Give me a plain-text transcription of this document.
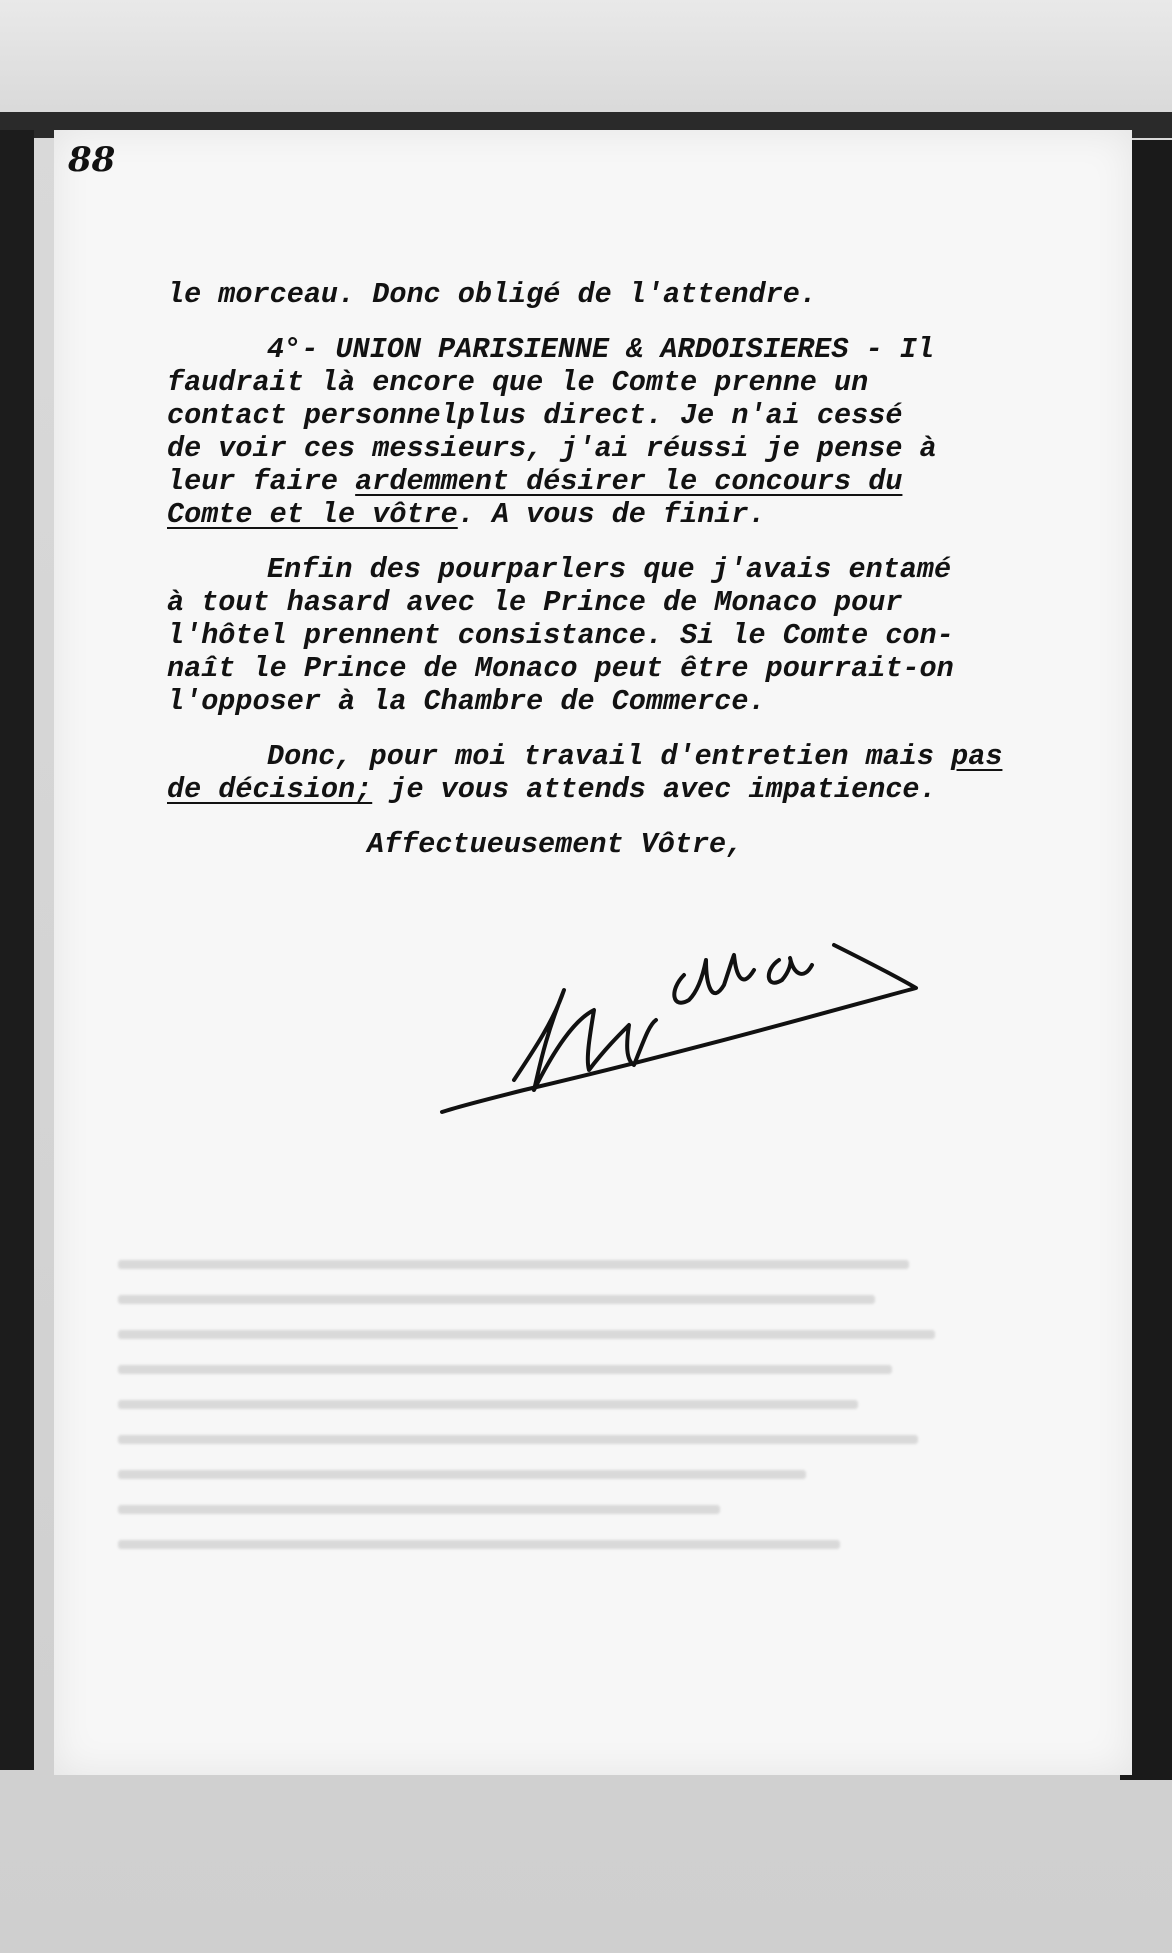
88
le morceau. Donc obligé de l'attendre.
4°- UNION PARISIENNE & ARDOISIERES - Il
faudrait là encore que le Comte prenne un
contact personnelplus direct. Je n'ai cessé
de voir ces messieurs, j'ai réussi je pense à
leur faire ardemment désirer le concours du
Comte et le vôtre. A vous de finir.
Enfin des pourparlers que j'avais entamé
à tout hasard avec le Prince de Monaco pour
l'hôtel prennent consistance. Si le Comte con-
naît le Prince de Monaco peut être pourrait-on
l'opposer à la Chambre de Commerce.
Donc, pour moi travail d'entretien mais pas
de décision; je vous attends avec impatience.
Affectueusement Vôtre,
